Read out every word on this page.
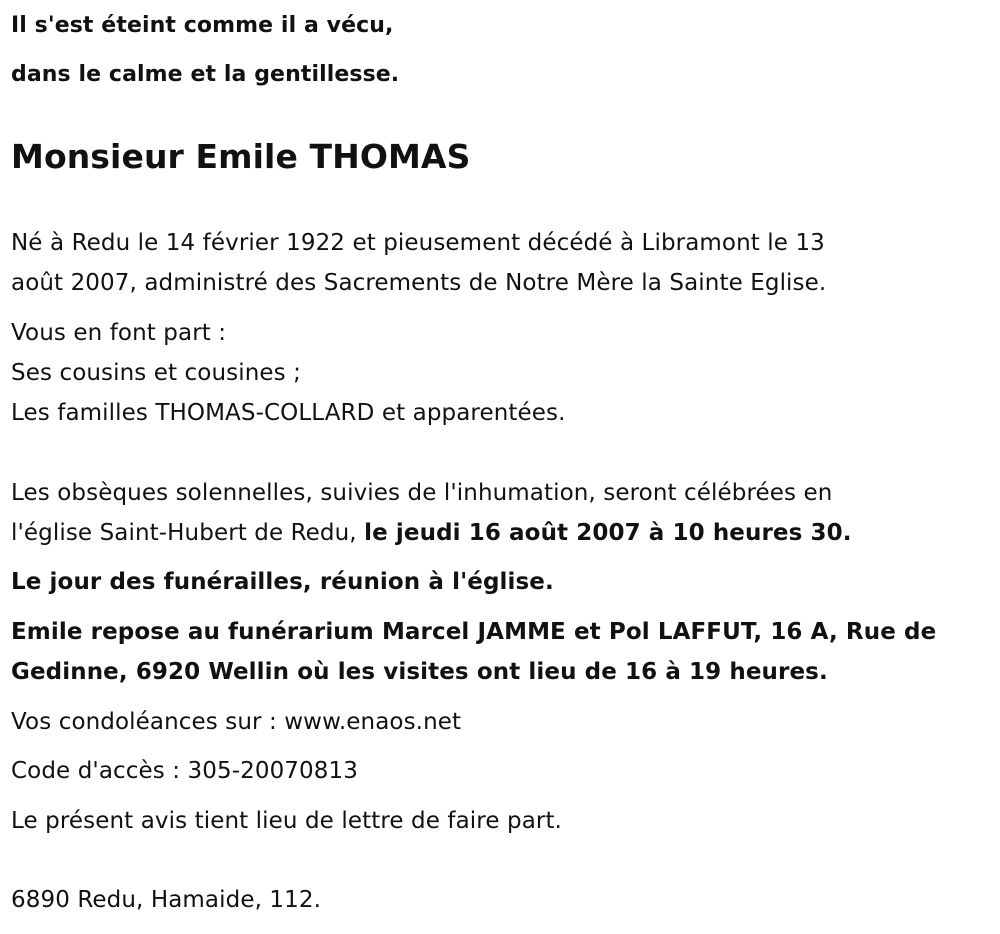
Il s'est éteint comme il a vécu,
dans le calme et la gentillesse.
Monsieur Emile THOMAS
Né à Redu le 14 février 1922 et pieusement décédé à Libramont le 13
août 2007, administré des Sacrements de Notre Mère la Sainte Eglise.
Vous en font part :
Ses cousins et cousines ;
Les familles THOMAS-COLLARD et apparentées.
Les obsèques solennelles, suivies de l'inhumation, seront célébrées en
l'église Saint-Hubert de Redu, le jeudi 16 août 2007 à 10 heures 30.
Le jour des funérailles, réunion à l'église.
Emile repose au funérarium Marcel JAMME et Pol LAFFUT, 16 A, Rue de
Gedinne, 6920 Wellin où les visites ont lieu de 16 à 19 heures.
Vos condoléances sur : www.enaos.net
Code d'accès : 305-20070813
Le présent avis tient lieu de lettre de faire part.
6890 Redu, Hamaide, 112.
